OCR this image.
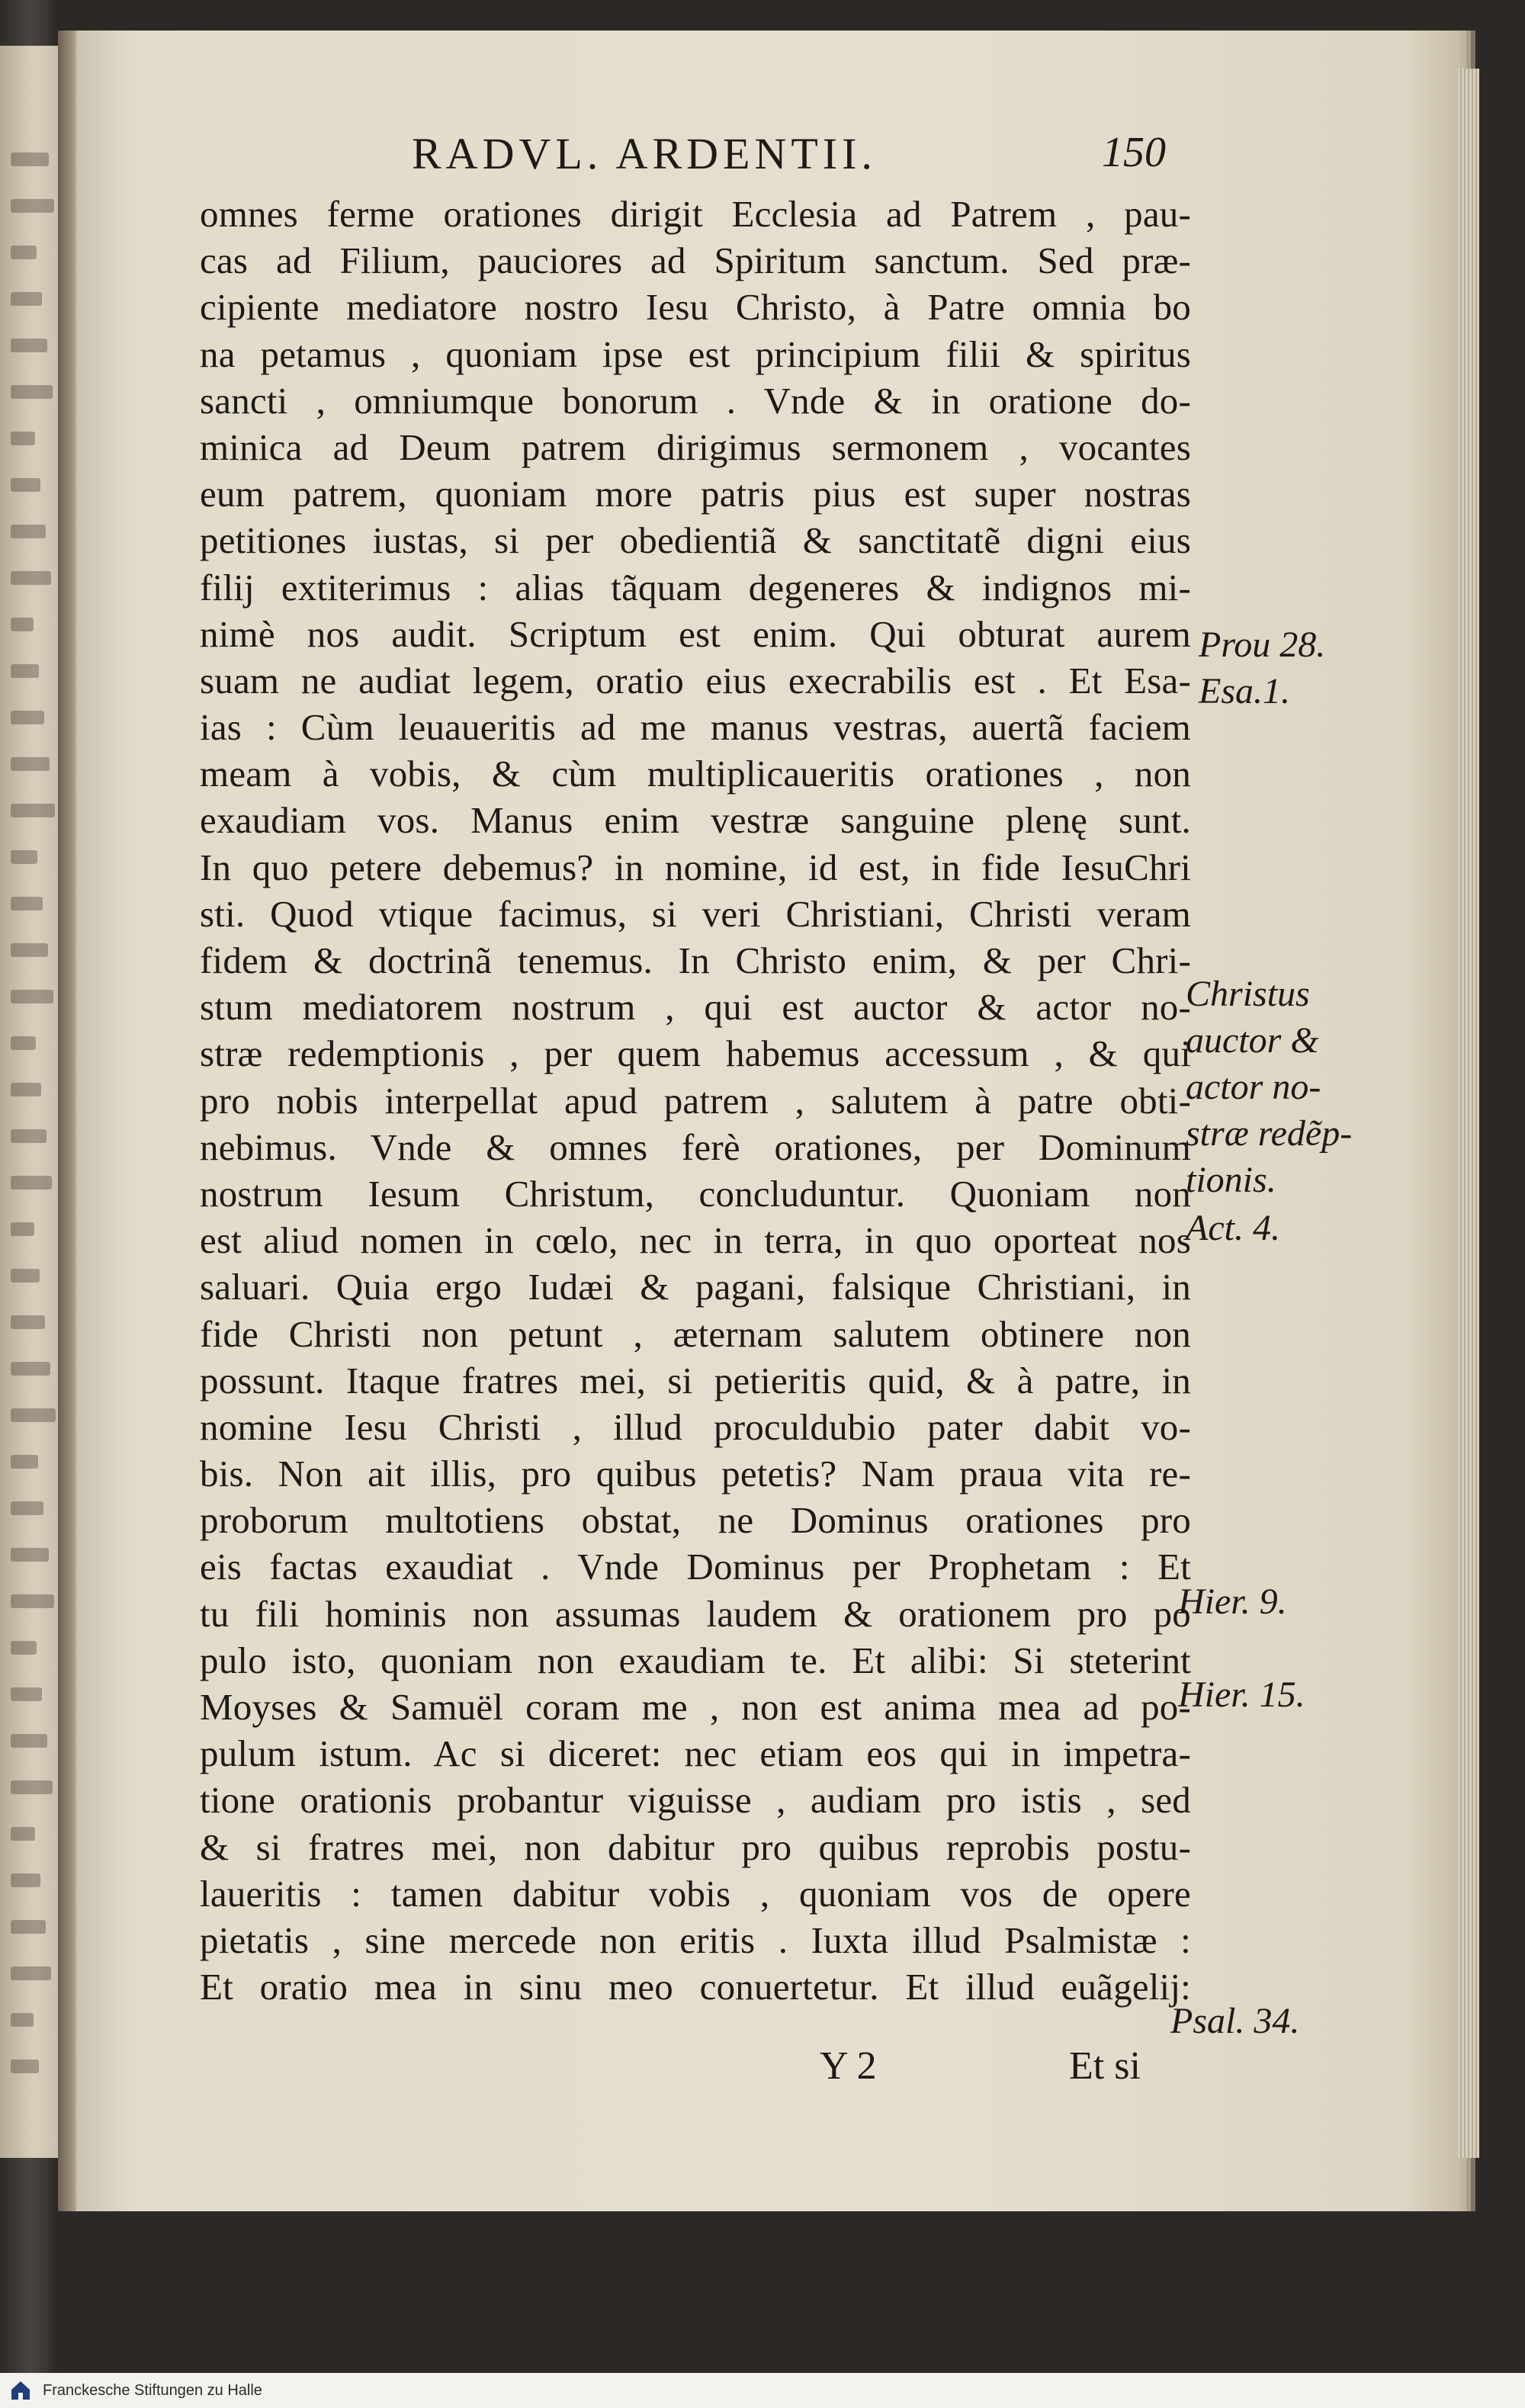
RADVL. ARDENTII.	150
omnes ferme orationes dirigit Ecclesia ad Patrem , pau-
cas ad Filium, pauciores ad Spiritum sanctum. Sed præ-
cipiente mediatore nostro Iesu Christo, à Patre omnia bo
na petamus , quoniam ipse est principium filii & spiritus
sancti , omniumque bonorum . Vnde & in oratione do-
minica ad Deum patrem dirigimus sermonem , vocantes
eum patrem, quoniam more patris pius est super nostras
petitiones iustas, si per obedientiã & sanctitatẽ digni eius
filij extiterimus : alias tãquam degeneres & indignos mi-
nimè nos audit. Scriptum est enim. Qui obturat aurem
suam ne audiat legem, oratio eius execrabilis est . Et Esa-
ias : Cùm leuaueritis ad me manus vestras, auertã faciem
meam à vobis, & cùm multiplicaueritis orationes , non
exaudiam vos. Manus enim vestræ sanguine plenę sunt.
In quo petere debemus? in nomine, id est, in fide IesuChri
sti. Quod vtique facimus, si veri Christiani, Christi veram
fidem & doctrinã tenemus. In Christo enim, & per Chri-
stum mediatorem nostrum , qui est auctor & actor no-
stræ redemptionis , per quem habemus accessum , & qui
pro nobis interpellat apud patrem , salutem à patre obti-
nebimus. Vnde & omnes ferè orationes, per Dominum
nostrum Iesum Christum, concluduntur. Quoniam non
est aliud nomen in cœlo, nec in terra, in quo oporteat nos
saluari. Quia ergo Iudæi & pagani, falsique Christiani, in
fide Christi non petunt , æternam salutem obtinere non
possunt. Itaque fratres mei, si petieritis quid, & à patre, in
nomine Iesu Christi , illud proculdubio pater dabit vo-
bis. Non ait illis, pro quibus petetis? Nam praua vita re-
proborum multotiens obstat, ne Dominus orationes pro
eis factas exaudiat . Vnde Dominus per Prophetam : Et
tu fili hominis non assumas laudem & orationem pro po
pulo isto, quoniam non exaudiam te. Et alibi: Si steterint
Moyses & Samuël coram me , non est anima mea ad po-
pulum istum. Ac si diceret: nec etiam eos qui in impetra-
tione orationis probantur viguisse , audiam pro istis , sed
& si fratres mei, non dabitur pro quibus reprobis postu-
laueritis : tamen dabitur vobis , quoniam vos de opere
pietatis , sine mercede non eritis . Iuxta illud Psalmistæ :
Et oratio mea in sinu meo conuertetur. Et illud euãgelij:
Prou 28.
Esa.1.
Christus
auctor &
actor no-
stræ redẽp-
tionis.
Act. 4.
Hier. 9.
Hier. 15.
Psal. 34.
Y 2	Et si
Franckesche Stiftungen zu Halle
